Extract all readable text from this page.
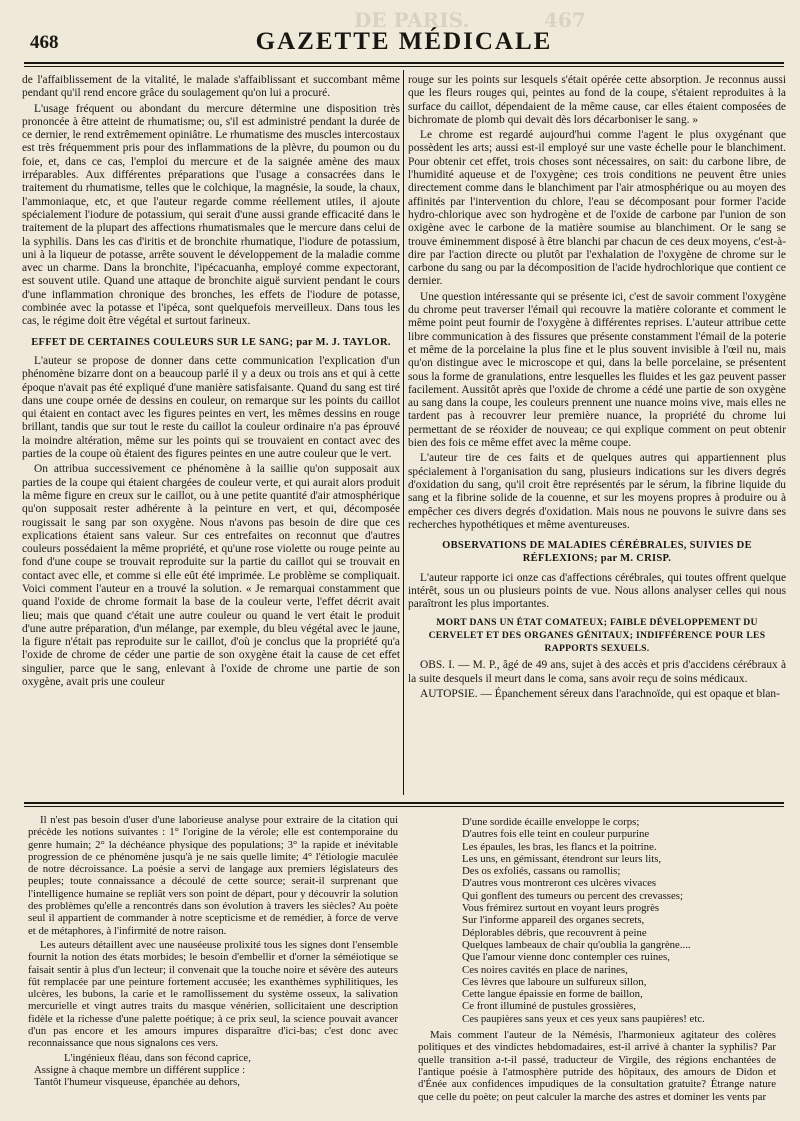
467
DE PARIS.
468	GAZETTE MÉDICALE

de l'affaiblissement de la vitalité, le malade s'affaiblissant et succombant même pendant qu'il rend encore grâce du soulagement qu'on lui a procuré.

L'usage fréquent ou abondant du mercure détermine une disposition très prononcée à être atteint de rhumatisme; ou, s'il est administré pendant la durée de ce dernier, le rend extrêmement opiniâtre. Le rhumatisme des muscles intercostaux est très fréquemment pris pour des inflammations de la plèvre, du poumon ou du foie, et, dans ce cas, l'emploi du mercure et de la saignée amène des maux irréparables. Aux différentes préparations que l'usage a consacrées dans le traitement du rhumatisme, telles que le colchique, la magnésie, la soude, la chaux, l'ammoniaque, etc, et que l'auteur regarde comme réellement utiles, il ajoute spécialement l'iodure de potassium, qui serait d'une aussi grande efficacité dans le traitement de la plupart des affections rhumatismales que le mercure dans celui de la syphilis. Dans les cas d'iritis et de bronchite rhumatique, l'iodure de potassium, uni à la liqueur de potasse, arrête souvent le développement de la maladie comme avec un charme. Dans la bronchite, l'ipécacuanha, employé comme expectorant, est souvent utile. Quand une attaque de bronchite aiguë survient pendant le cours d'une inflammation chronique des bronches, les effets de l'iodure de potasse, combinée avec la potasse et l'ipéca, sont quelquefois merveilleux. Dans tous les cas, le régime doit être végétal et surtout farineux.

EFFET DE CERTAINES COULEURS SUR LE SANG; par M. J. TAYLOR.

L'auteur se propose de donner dans cette communication l'explication d'un phénomène bizarre dont on a beaucoup parlé il y a deux ou trois ans et qui à cette époque n'avait pas été expliqué d'une manière satisfaisante. Quand du sang est tiré dans une coupe ornée de dessins en couleur, on remarque sur les points du caillot qui étaient en contact avec les figures peintes en vert, les mêmes dessins en rouge brillant, tandis que sur tout le reste du caillot la couleur ordinaire n'a pas éprouvé la moindre altération, même sur les points qui se trouvaient en contact avec des parties de la coupe où étaient des figures peintes en une autre couleur que le vert.

On attribua successivement ce phénomène à la saillie qu'on supposait aux parties de la coupe qui étaient chargées de couleur verte, et qui aurait alors produit la même figure en creux sur le caillot, ou à une petite quantité d'air atmosphérique qu'on supposait rester adhérente à la peinture en vert, et qui, décomposée rougissait le sang par son oxygène. Nous n'avons pas besoin de dire que ces explications étaient sans valeur. Sur ces entrefaites on reconnut que d'autres couleurs possédaient la même propriété, et qu'une rose violette ou rouge peinte au fond d'une coupe se trouvait reproduite sur la partie du caillot qui se trouvait en contact avec elle, et comme si elle eût été imprimée. Le problème se compliquait. Voici comment l'auteur en a trouvé la solution. « Je remarquai constamment que quand l'oxide de chrome formait la base de la couleur verte, l'effet décrit avait lieu; mais que quand c'était une autre couleur ou quand le vert était le produit d'une autre préparation, d'un mélange, par exemple, du bleu végétal avec le jaune, la figure n'était pas reproduite sur le caillot, d'où je conclus que la propriété qu'a l'oxide de chrome de céder une partie de son oxygène était la cause de cet effet singulier, parce que le sang, enlevant à l'oxide de chrome une partie de son oxygène, avait pris une couleur

rouge sur les points sur lesquels s'était opérée cette absorption. Je reconnus aussi que les fleurs rouges qui, peintes au fond de la coupe, s'étaient reproduites à la surface du caillot, dépendaient de la même cause, car elles étaient composées de bichromate de plomb qui devait dès lors décarboniser le sang. »

Le chrome est regardé aujourd'hui comme l'agent le plus oxygénant que possèdent les arts; aussi est-il employé sur une vaste échelle pour le blanchiment. Pour obtenir cet effet, trois choses sont nécessaires, on sait: du carbone libre, de l'humidité aqueuse et de l'oxygène; ces trois conditions ne peuvent être unies directement comme dans le blanchiment par l'air atmosphérique ou au moyen des affinités par l'intervention du chlore, l'eau se décomposant pour former l'acide hydro-chlorique avec son hydrogène et de l'oxide de carbone par l'union de son oxigène avec le carbone de la matière soumise au blanchiment. Or le sang se trouve éminemment disposé à être blanchi par chacun de ces deux moyens, c'est-à-dire par l'action directe ou plutôt par l'exhalation de l'oxygène de chrome sur le carbone du sang ou par la décomposition de l'acide hydrochlorique que contient ce dernier.

Une question intéressante qui se présente ici, c'est de savoir comment l'oxygène du chrome peut traverser l'émail qui recouvre la matière colorante et comment le même point peut fournir de l'oxygène à différentes reprises. L'auteur attribue cette libre communication à des fissures que présente constamment l'émail de la poterie et même de la porcelaine la plus fine et le plus souvent invisible à l'œil nu, mais qu'on distingue avec le microscope et qui, dans la belle porcelaine, se présentent sous la forme de granulations, entre lesquelles les fluides et les gaz peuvent passer facilement. Aussitôt après que l'oxide de chrome a cédé une partie de son oxygène au sang dans la coupe, les couleurs prennent une nuance moins vive, mais elles ne tardent pas à recouvrer leur première nuance, la propriété du chrome lui permettant de se réoxider de nouveau; ce qui explique comment on peut obtenir bien des fois ce même effet avec la même coupe.

L'auteur tire de ces faits et de quelques autres qui appartiennent plus spécialement à l'organisation du sang, plusieurs indications sur les divers degrés d'oxidation du sang, qu'il croit être représentés par le sérum, la fibrine liquide du sang et la fibrine solide de la couenne, et sur les moyens propres à produire ou à empêcher ces divers degrés d'oxidation. Mais nous ne pouvons le suivre dans ses recherches hypothétiques et même aventureuses.

OBSERVATIONS DE MALADIES CÉRÉBRALES, SUIVIES DE RÉFLEXIONS; par M. CRISP.

L'auteur rapporte ici onze cas d'affections cérébrales, qui toutes offrent quelque intérêt, sous un ou plusieurs points de vue. Nous allons analyser celles qui nous paraîtront les plus importantes.

MORT DANS UN ÉTAT COMATEUX; FAIBLE DÉVELOPPEMENT DU CERVELET ET DES ORGANES GÉNITAUX; INDIFFÉRENCE POUR LES RAPPORTS SEXUELS.

OBS. I. — M. P., âgé de 49 ans, sujet à des accès et pris d'accidens cérébraux à la suite desquels il meurt dans le coma, sans avoir reçu de soins médicaux.

AUTOPSIE. — Épanchement séreux dans l'arachnoïde, qui est opaque et blan-

Il n'est pas besoin d'user d'une laborieuse analyse pour extraire de la citation qui précède les notions suivantes : 1° l'origine de la vérole; elle est contemporaine du genre humain; 2° la déchéance physique des populations; 3° la rapide et inévitable progression de ce phénomène jusqu'à je ne sais quelle limite; 4° l'étiologie maculée de notre décroissance. La poésie a servi de langage aux premiers législateurs des peuples; toute connaissance a découlé de cette source; serait-il surprenant que l'intelligence humaine se repliât vers son point de départ, pour y découvrir la solution des problèmes qu'elle a rencontrés dans son évolution à travers les siècles? Au poète seul il appartient de commander à notre scepticisme et de remédier, à force de verve et de métaphores, à l'infirmité de notre raison.

Les auteurs détaillent avec une nauséeuse prolixité tous les signes dont l'ensemble fournit la notion des états morbides; le besoin d'embellir et d'orner la séméiotique se faisait sentir à plus d'un lecteur; il convenait que la touche noire et sévère des auteurs fût remplacée par une peinture fortement accusée; les exanthèmes syphilitiques, les ulcères, les bubons, la carie et le ramollissement du système osseux, la salivation mercurielle et vingt autres traits du masque vénérien, sollicitaient une description fidèle et la richesse d'une palette poétique; à ce prix seul, la science pouvait avancer d'un pas encore et les amours impures disparaître d'ici-bas; c'est donc avec reconnaissance que nous signalons ces vers.

L'ingénieux fléau, dans son fécond caprice,
Assigne à chaque membre un différent supplice :
Tantôt l'humeur visqueuse, épanchée au dehors,
D'une sordide écaille enveloppe le corps;
D'autres fois elle teint en couleur purpurine
Les épaules, les bras, les flancs et la poitrine.
Les uns, en gémissant, étendront sur leurs lits,
Des os exfoliés, cassans ou ramollis;
D'autres vous montreront ces ulcères vivaces
Qui gonflent des tumeurs ou percent des crevasses;
Vous frémirez surtout en voyant leurs progrès
Sur l'informe appareil des organes secrets,
Déplorables débris, que recouvrent à peine
Quelques lambeaux de chair qu'oublia la gangrène....
Que l'amour vienne donc contempler ces ruines,
Ces noires cavités en place de narines,
Ces lèvres que laboure un sulfureux sillon,
Cette langue épaissie en forme de baillon,
Ce front illuminé de pustules grossières,
Ces paupières sans yeux et ces yeux sans paupières! etc.

Mais comment l'auteur de la Némésis, l'harmonieux agitateur des colères politiques et des vindictes hebdomadaires, est-il arrivé à chanter la syphilis? Par quelle transition a-t-il passé, traducteur de Virgile, des régions enchantées de l'antique poésie à l'atmosphère putride des hôpitaux, des amours de Didon et d'Énée aux confidences impudiques de la consultation gratuite? Étrange nature que celle du poète; on peut calculer la marche des astres et dominer les vents par
